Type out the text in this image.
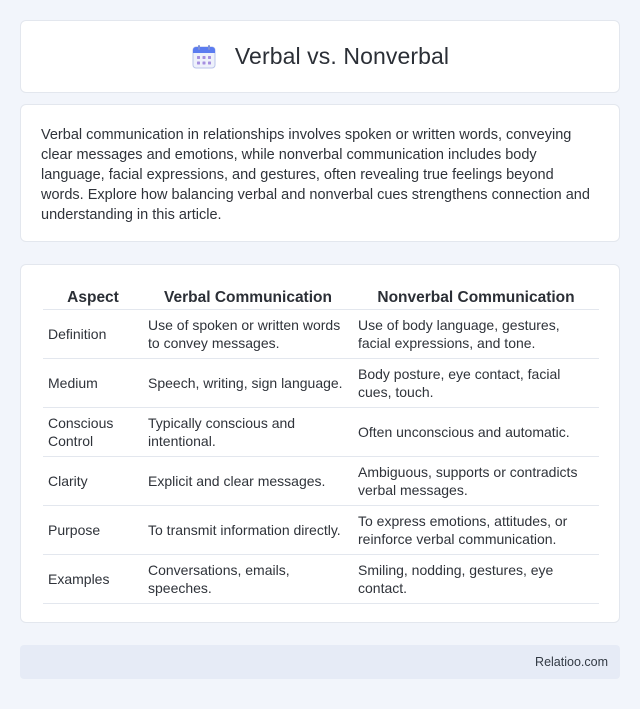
Verbal vs. Nonverbal

Verbal communication in relationships involves spoken or written words, conveying clear messages and emotions, while nonverbal communication includes body language, facial expressions, and gestures, often revealing true feelings beyond words. Explore how balancing verbal and nonverbal cues strengthens connection and understanding in this article.

Aspect	Verbal Communication	Nonverbal Communication
Definition	Use of spoken or written words to convey messages.	Use of body language, gestures, facial expressions, and tone.
Medium	Speech, writing, sign language.	Body posture, eye contact, facial cues, touch.
Conscious Control	Typically conscious and intentional.	Often unconscious and automatic.
Clarity	Explicit and clear messages.	Ambiguous, supports or contradicts verbal messages.
Purpose	To transmit information directly.	To express emotions, attitudes, or reinforce verbal communication.
Examples	Conversations, emails, speeches.	Smiling, nodding, gestures, eye contact.
Relatioo.com
